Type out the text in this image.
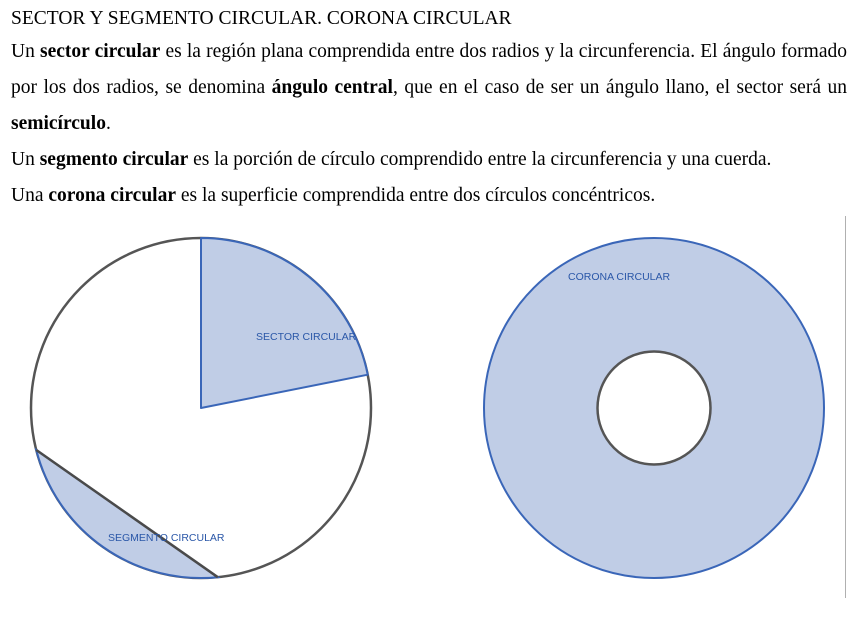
SECTOR Y SEGMENTO CIRCULAR. CORONA CIRCULAR

Un sector circular es la región plana comprendida entre dos radios y la circunferencia. El ángulo formado por los dos radios, se denomina ángulo central, que en el caso de ser un ángulo llano, el sector será un semicírculo.

Un segmento circular es la porción de círculo comprendido entre la circunferencia y una cuerda.

Una corona circular es la superficie comprendida entre dos círculos concéntricos.

SECTOR CIRCULAR
SEGMENTO CIRCULAR
CORONA CIRCULAR
